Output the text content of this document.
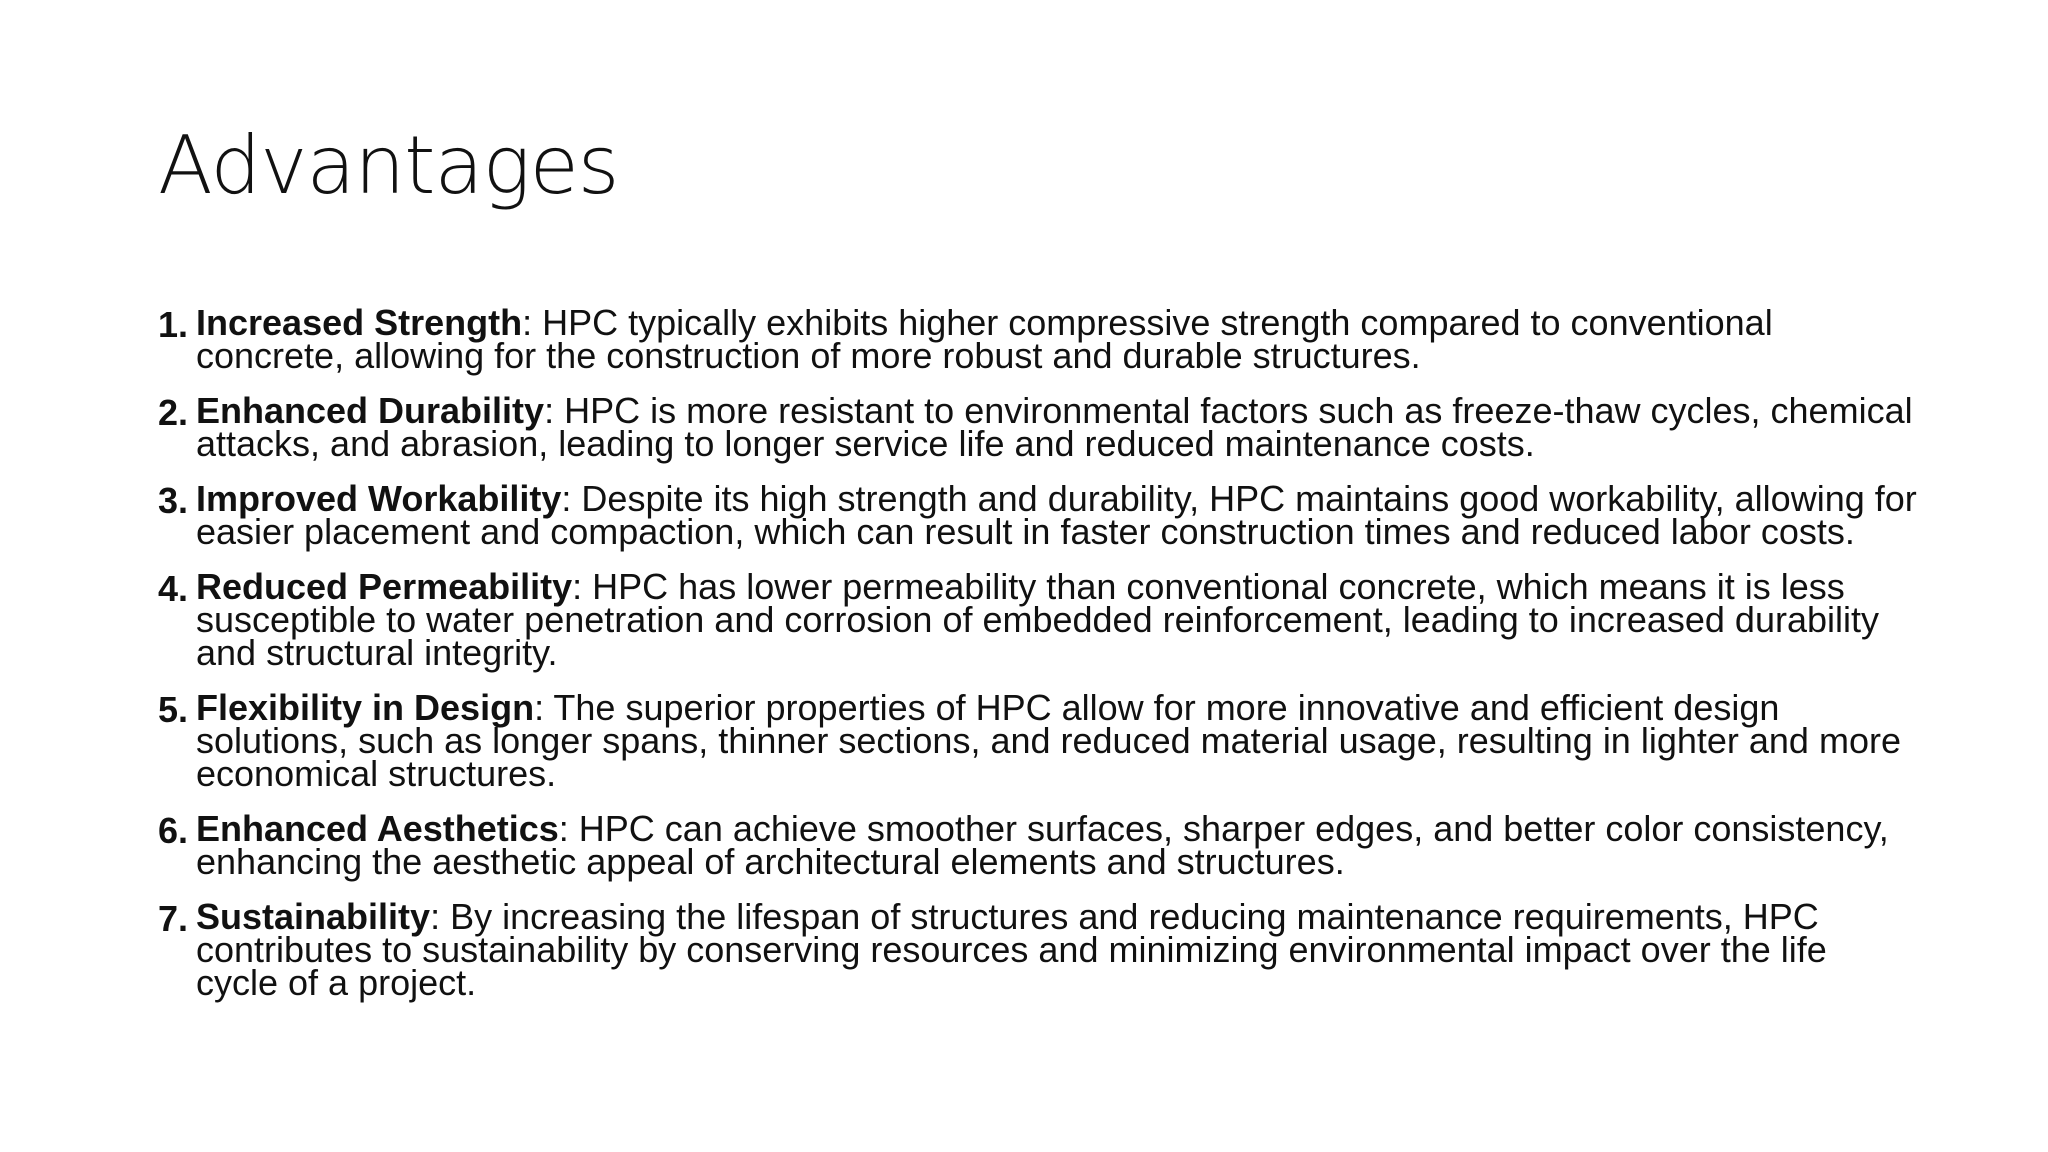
Advantages
1. Increased Strength: HPC typically exhibits higher compressive strength compared to conventional concrete, allowing for the construction of more robust and durable structures.
2. Enhanced Durability: HPC is more resistant to environmental factors such as freeze-thaw cycles, chemical attacks, and abrasion, leading to longer service life and reduced maintenance costs.
3. Improved Workability: Despite its high strength and durability, HPC maintains good workability, allowing for easier placement and compaction, which can result in faster construction times and reduced labor costs.
4. Reduced Permeability: HPC has lower permeability than conventional concrete, which means it is less susceptible to water penetration and corrosion of embedded reinforcement, leading to increased durability and structural integrity.
5. Flexibility in Design: The superior properties of HPC allow for more innovative and efficient design solutions, such as longer spans, thinner sections, and reduced material usage, resulting in lighter and more economical structures.
6. Enhanced Aesthetics: HPC can achieve smoother surfaces, sharper edges, and better color consistency, enhancing the aesthetic appeal of architectural elements and structures.
7. Sustainability: By increasing the lifespan of structures and reducing maintenance requirements, HPC contributes to sustainability by conserving resources and minimizing environmental impact over the life cycle of a project.
